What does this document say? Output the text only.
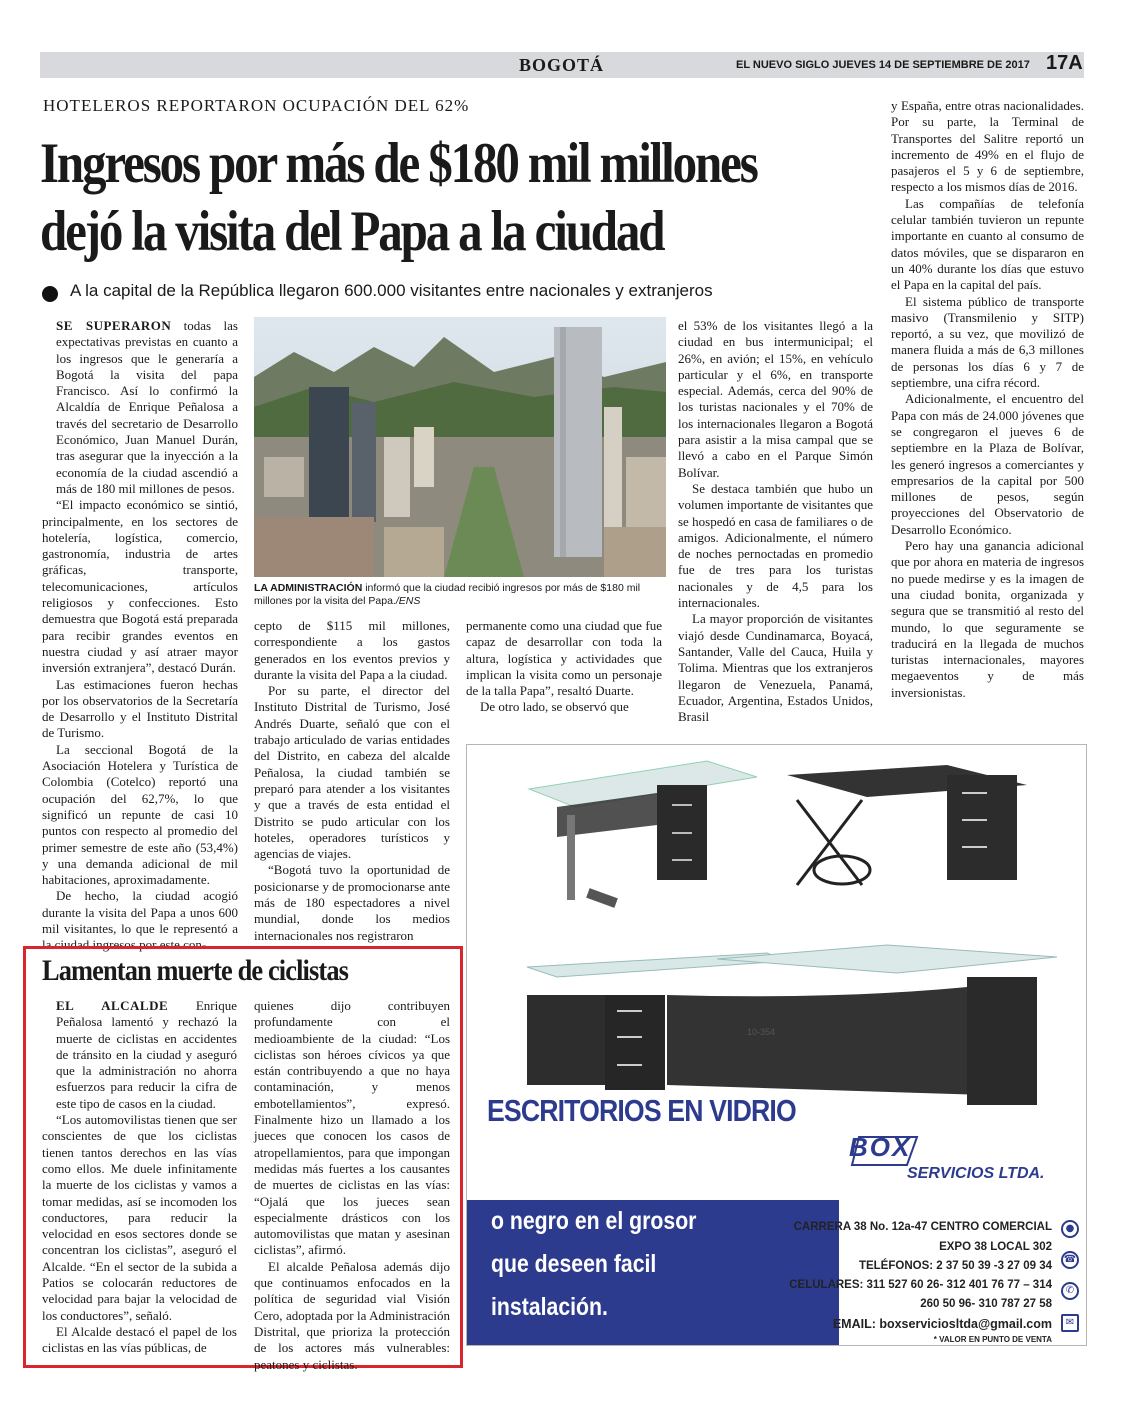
BOGOTÁ	EL NUEVO SIGLO JUEVES 14 DE SEPTIEMBRE DE 2017 17A
HOTELEROS REPORTARON OCUPACIÓN DEL 62%
Ingresos por más de $180 mil millones
dejó la visita del Papa a la ciudad
A la capital de la República llegaron 600.000 visitantes entre nacionales y extranjeros

SE SUPERARON todas las expectativas previstas en cuanto a los ingresos que le generaría a Bogotá la visita del papa Francisco. Así lo confirmó la Alcaldía de Enrique Peñalosa a través del secretario de Desarrollo Económico, Juan Manuel Durán, tras asegurar que la inyección a la economía de la ciudad ascendió a más de 180 mil millones de pesos.

“El impacto económico se sintió, principalmente, en los sectores de hotelería, logística, comercio, gastronomía, industria de artes gráficas, transporte, telecomunicaciones, artículos religiosos y confecciones. Esto demuestra que Bogotá está preparada para recibir grandes eventos en nuestra ciudad y así atraer mayor inversión extranjera”, destacó Durán.

Las estimaciones fueron hechas por los observatorios de la Secretaría de Desarrollo y el Instituto Distrital de Turismo.

La seccional Bogotá de la Asociación Hotelera y Turística de Colombia (Cotelco) reportó una ocupación del 62,7%, lo que significó un repunte de casi 10 puntos con respecto al promedio del primer semestre de este año (53,4%) y una demanda adicional de mil habitaciones, aproximadamente.

De hecho, la ciudad acogió durante la visita del Papa a unos 600 mil visitantes, lo que le representó a la ciudad ingresos por este con-

LA ADMINISTRACIÓN informó que la ciudad recibió ingresos por más de $180 mil millones por la visita del Papa./ENS

cepto de $115 mil millones, correspondiente a los gastos generados en los eventos previos y durante la visita del Papa a la ciudad.

Por su parte, el director del Instituto Distrital de Turismo, José Andrés Duarte, señaló que con el trabajo articulado de varias entidades del Distrito, en cabeza del alcalde Peñalosa, la ciudad también se preparó para atender a los visitantes y que a través de esta entidad el Distrito se pudo articular con los hoteles, operadores turísticos y agencias de viajes.

“Bogotá tuvo la oportunidad de posicionarse y de promocionarse ante más de 180 espectadores a nivel mundial, donde los medios internacionales nos registraron

permanente como una ciudad que fue capaz de desarrollar con toda la altura, logística y actividades que implican la visita como un personaje de la talla Papa”, resaltó Duarte.

De otro lado, se observó que

el 53% de los visitantes llegó a la ciudad en bus intermunicipal; el 26%, en avión; el 15%, en vehículo particular y el 6%, en transporte especial. Además, cerca del 90% de los turistas nacionales y el 70% de los internacionales llegaron a Bogotá para asistir a la misa campal que se llevó a cabo en el Parque Simón Bolívar.

Se destaca también que hubo un volumen importante de visitantes que se hospedó en casa de familiares o de amigos. Adicionalmente, el número de noches pernoctadas en promedio fue de tres para los turistas nacionales y de 4,5 para los internacionales.

La mayor proporción de visitantes viajó desde Cundinamarca, Boyacá, Santander, Valle del Cauca, Huila y Tolima. Mientras que los extranjeros llegaron de Venezuela, Panamá, Ecuador, Argentina, Estados Unidos, Brasil

y España, entre otras nacionalidades. Por su parte, la Terminal de Transportes del Salitre reportó un incremento de 49% en el flujo de pasajeros el 5 y 6 de septiembre, respecto a los mismos días de 2016.

Las compañías de telefonía celular también tuvieron un repunte importante en cuanto al consumo de datos móviles, que se dispararon en un 40% durante los días que estuvo el Papa en la capital del país.

El sistema público de transporte masivo (Transmilenio y SITP) reportó, a su vez, que movilizó de manera fluida a más de 6,3 millones de personas los días 6 y 7 de septiembre, una cifra récord.

Adicionalmente, el encuentro del Papa con más de 24.000 jóvenes que se congregaron el jueves 6 de septiembre en la Plaza de Bolívar, les generó ingresos a comerciantes y empresarios de la capital por 500 millones de pesos, según proyecciones del Observatorio de Desarrollo Económico.

Pero hay una ganancia adicional que por ahora en materia de ingresos no puede medirse y es la imagen de una ciudad bonita, organizada y segura que se transmitió al resto del mundo, lo que seguramente se traducirá en la llegada de muchos turistas internacionales, mayores megaeventos y de más inversionistas.

Lamentan muerte de ciclistas

EL ALCALDE Enrique Peñalosa lamentó y rechazó la muerte de ciclistas en accidentes de tránsito en la ciudad y aseguró que la administración no ahorra esfuerzos para reducir la cifra de este tipo de casos en la ciudad.

“Los automovilistas tienen que ser conscientes de que los ciclistas tienen tantos derechos en las vías como ellos. Me duele infinitamente la muerte de los ciclistas y vamos a tomar medidas, así se incomoden los conductores, para reducir la velocidad en esos sectores donde se concentran los ciclistas”, aseguró el Alcalde. “En el sector de la subida a Patios se colocarán reductores de velocidad para bajar la velocidad de los conductores”, señaló.

El Alcalde destacó el papel de los ciclistas en las vías públicas, de

quienes dijo contribuyen profundamente con el medioambiente de la ciudad: “Los ciclistas son héroes cívicos ya que están contribuyendo a que no haya contaminación, y menos embotellamientos”, expresó. Finalmente hizo un llamado a los jueces que conocen los casos de atropellamientos, para que impongan medidas más fuertes a los causantes de muertes de ciclistas en las vías: “Ojalá que los jueces sean especialmente drásticos con los automovilistas que matan y asesinan ciclistas”, afirmó.

El alcalde Peñalosa además dijo que continuamos enfocados en la política de seguridad vial Visión Cero, adoptada por la Administración Distrital, que prioriza la protección de los actores más vulnerables: peatones y ciclistas.

10-354
BOX
SERVICIOS LTDA.
Vidrio transparente
o negro en el grosor
que deseen facil
instalación.
CARRERA 38 No. 12a-47 CENTRO COMERCIAL
EXPO 38 LOCAL 302
TELÉFONOS: 2 37 50 39 -3 27 09 34
CELULARES: 311 527 60 26- 312 401 76 77 – 314
260 50 96- 310 787 27 58
EMAIL: boxserviciosltda@gmail.com
* VALOR EN PUNTO DE VENTA
●
☎
✆
✉
ESCRITORIOS EN VIDRIO
